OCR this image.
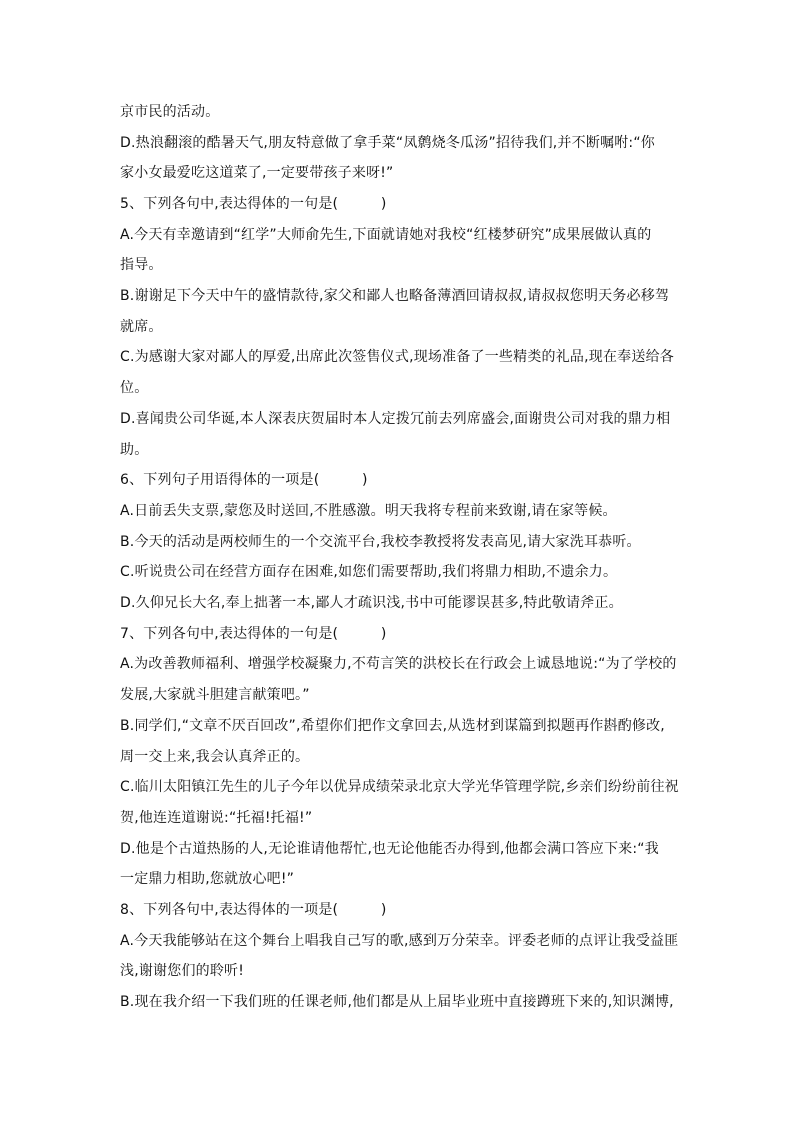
京市民的活动。
D.热浪翻滚的酷暑天气,朋友特意做了拿手菜“凤鹩烧冬瓜汤”招待我们,并不断嘱咐:“你
家小女最爱吃这道菜了,一定要带孩子来呀!”
5、下列各句中,表达得体的一句是(　　　)
A.今天有幸邀请到“红学”大师俞先生,下面就请她对我校“红楼梦研究”成果展做认真的
指导。
B.谢谢足下今天中午的盛情款待,家父和鄙人也略备薄酒回请叔叔,请叔叔您明天务必移驾
就席。
C.为感谢大家对鄙人的厚爱,出席此次签售仪式,现场准备了一些精类的礼品,现在奉送给各
位。
D.喜闻贵公司华诞,本人深表庆贺届时本人定拨冗前去列席盛会,面谢贵公司对我的鼎力相
助。
6、下列句子用语得体的一项是(　　　)
A.日前丢失支票,蒙您及时送回,不胜感激。明天我将专程前来致谢,请在家等候。
B.今天的活动是两校师生的一个交流平台,我校李教授将发表高见,请大家洗耳恭听。
C.听说贵公司在经营方面存在困难,如您们需要帮助,我们将鼎力相助,不遗余力。
D.久仰兄长大名,奉上拙著一本,鄙人才疏识浅,书中可能谬误甚多,特此敬请斧正。
7、下列各句中,表达得体的一句是(　　　)
A.为改善教师福利、增强学校凝聚力,不苟言笑的洪校长在行政会上诚恳地说:“为了学校的
发展,大家就斗胆建言献策吧。”
B.同学们,“文章不厌百回改”,希望你们把作文拿回去,从选材到谋篇到拟题再作斟酌修改,
周一交上来,我会认真斧正的。
C.临川太阳镇江先生的儿子今年以优异成绩荣录北京大学光华管理学院,乡亲们纷纷前往祝
贺,他连连道谢说:“托福!托福!”
D.他是个古道热肠的人,无论谁请他帮忙,也无论他能否办得到,他都会满口答应下来:“我
一定鼎力相助,您就放心吧!”
8、下列各句中,表达得体的一项是(　　　)
A.今天我能够站在这个舞台上唱我自己写的歌,感到万分荣幸。评委老师的点评让我受益匪
浅,谢谢您们的聆听!
B.现在我介绍一下我们班的任课老师,他们都是从上届毕业班中直接蹲班下来的,知识渊博,
